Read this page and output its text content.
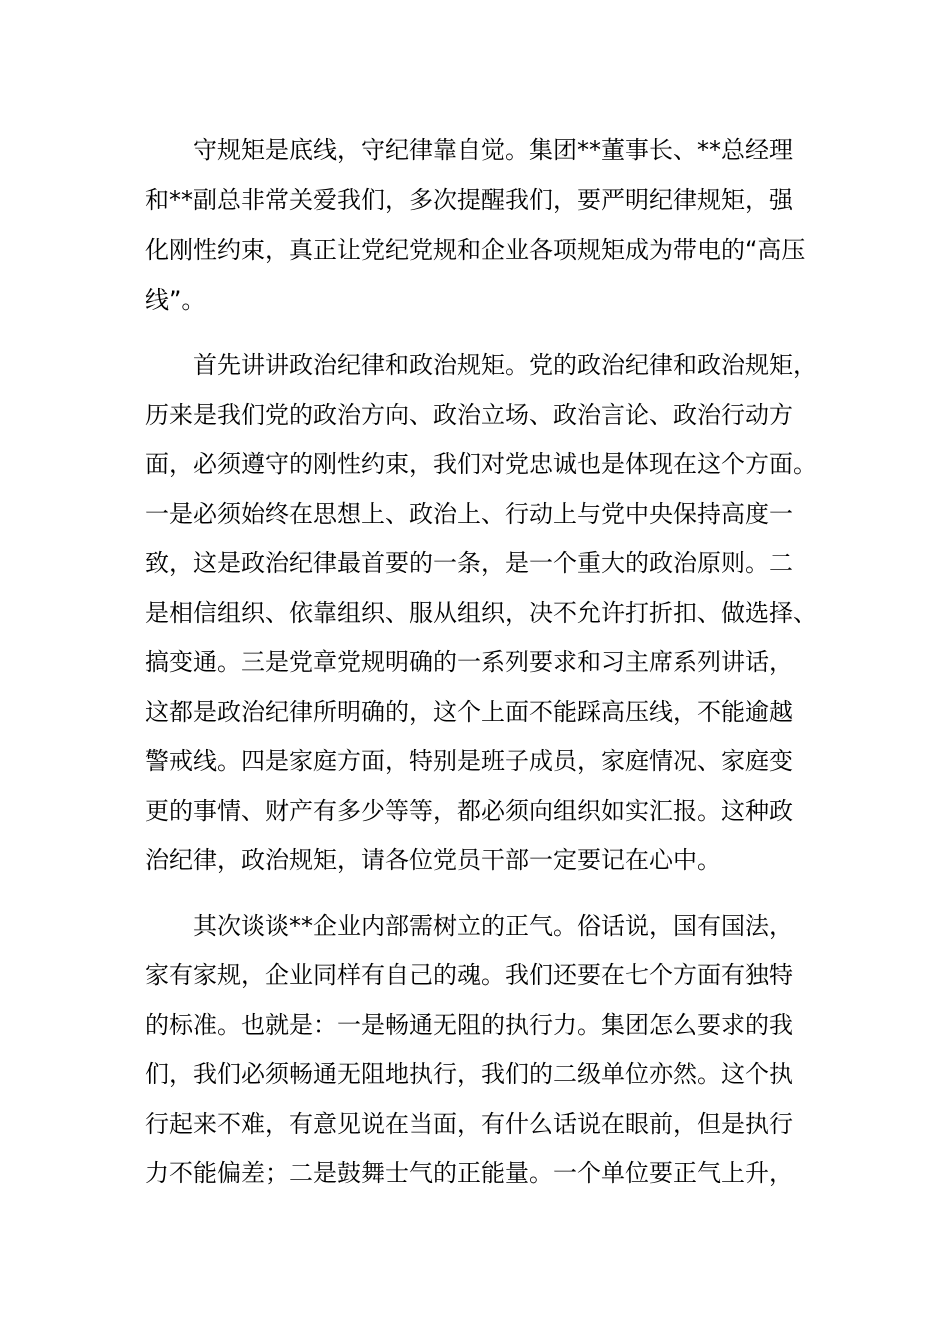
守规矩是底线，守纪律靠自觉。集团**董事长、**总经理
和**副总非常关爱我们，多次提醒我们，要严明纪律规矩，强
化刚性约束，真正让党纪党规和企业各项规矩成为带电的“高压
线”。
首先讲讲政治纪律和政治规矩。党的政治纪律和政治规矩，
历来是我们党的政治方向、政治立场、政治言论、政治行动方
面，必须遵守的刚性约束，我们对党忠诚也是体现在这个方面。
一是必须始终在思想上、政治上、行动上与党中央保持高度一
致，这是政治纪律最首要的一条，是一个重大的政治原则。二
是相信组织、依靠组织、服从组织，决不允许打折扣、做选择、
搞变通。三是党章党规明确的一系列要求和习主席系列讲话，
这都是政治纪律所明确的，这个上面不能踩高压线，不能逾越
警戒线。四是家庭方面，特别是班子成员，家庭情况、家庭变
更的事情、财产有多少等等，都必须向组织如实汇报。这种政
治纪律，政治规矩，请各位党员干部一定要记在心中。
其次谈谈**企业内部需树立的正气。俗话说，国有国法，
家有家规，企业同样有自己的魂。我们还要在七个方面有独特
的标准。也就是：一是畅通无阻的执行力。集团怎么要求的我
们，我们必须畅通无阻地执行，我们的二级单位亦然。这个执
行起来不难，有意见说在当面，有什么话说在眼前，但是执行
力不能偏差；二是鼓舞士气的正能量。一个单位要正气上升，
